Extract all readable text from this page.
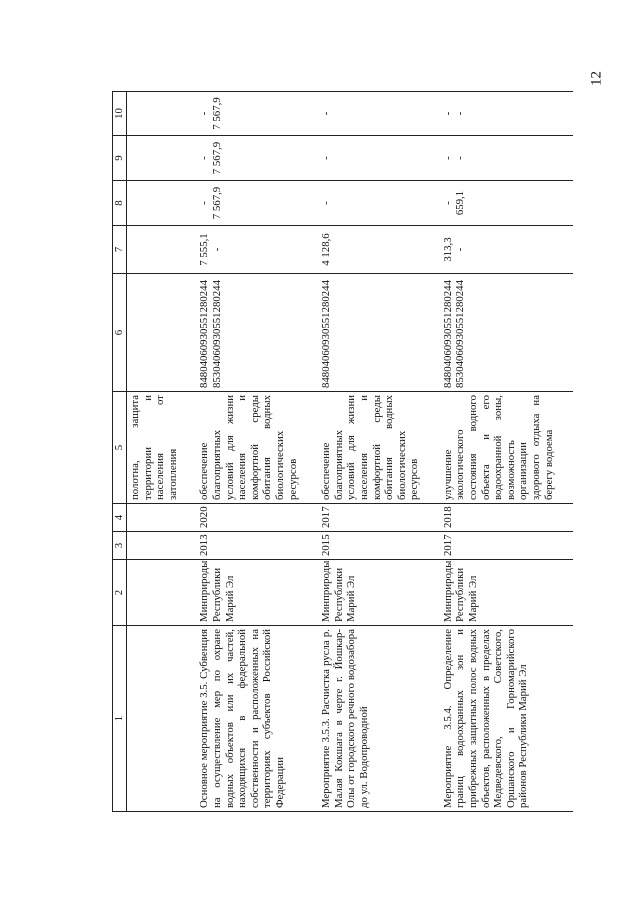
12
1	2	3	4	5	6	7	8	9	10
				полотна, защита территории и населения от затопления					
Основное мероприятие 3.5. Субвенция на осуществление мер по охране водных объектов или их частей, находящихся в федеральной собственности и расположенных на территориях субъектов Российской Федерации	Минприроды Республики Марий Эл	2013	2020	обеспечение благоприятных условий для жизни населения и комфортной среды обитания водных биологических ресурсов	84804060930551280244 85304060930551280244	7 555,1 -	- 7 567,9	- 7 567,9	- 7 567,9

Мероприятие 3.5.3. Расчистка русла р. Малая Кокшага в черте г. Йошкар-Олы от городского речного водозабора до ул. Водопроводной	Минприроды Республики Марий Эл	2015	2017	обеспечение благоприятных условий для жизни населения и комфортной среды обитания водных биологических ресурсов	84804060930551280244	4 128,6	-	-	-

Мероприятие 3.5.4. Определение границ водоохранных зон и прибрежных защитных полос водных объектов, расположенных в пределах Медведевского, Советского, Оршанского и Горномарийского районов Республики Марий Эл	Минприроды Республики Марий Эл	2017	2018	улучшение экологического состояния водного объекта и его водоохранной зоны, возможность организации здорового отдыха на берегу водоема	84804060930551280244 85304060930551280244	313,3 -	- 659,1	- -	- -
